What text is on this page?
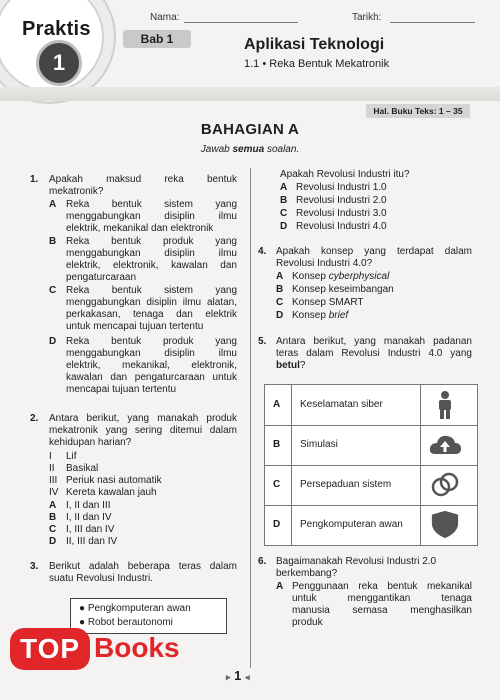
Praktis
1
Bab 1
Nama:	Tarikh:
Aplikasi Teknologi
1.1 • Reka Bentuk Mekatronik
Hal. Buku Teks: 1 – 35
BAHAGIAN A
Jawab semua soalan.
1. Apakah maksud reka bentuk
mekatronik?
A Reka bentuk sistem yang
menggabungkan disiplin ilmu
elektrik, mekanikal dan elektronik
B Reka bentuk produk yang
menggabungkan disiplin ilmu
elektrik, elektronik, kawalan dan
pengaturcaraan
C Reka bentuk sistem yang
menggabungkan disiplin ilmu alatan,
perkakasan, tenaga dan elektrik
untuk mencapai tujuan tertentu
D Reka bentuk produk yang
menggabungkan disiplin ilmu
elektrik, mekanikal, elektronik,
kawalan dan pengaturcaraan untuk
mencapai tujuan tertentu
2. Antara berikut, yang manakah produk
mekatronik yang sering ditemui dalam
kehidupan harian?
I Lif
II Basikal
III Periuk nasi automatik
IV Kereta kawalan jauh
A I, II dan III
B I, II dan IV
C I, III dan IV
D II, III dan IV
3. Berikut adalah beberapa teras dalam
suatu Revolusi Industri.
● Pengkomputeran awan
● Robot berautonomi
Apakah Revolusi Industri itu?
A Revolusi Industri 1.0
B Revolusi Industri 2.0
C Revolusi Industri 3.0
D Revolusi Industri 4.0
4. Apakah konsep yang terdapat dalam
Revolusi Industri 4.0?
A Konsep cyberphysical
B Konsep keseimbangan
C Konsep SMART
D Konsep brief
5. Antara berikut, yang manakah padanan
teras dalam Revolusi Industri 4.0 yang
betul?
A Keselamatan siber
B Simulasi
C Persepaduan sistem
D Pengkomputeran awan
6. Bagaimanakah Revolusi Industri 2.0
berkembang?
A Penggunaan reka bentuk mekanikal
untuk menggantikan tenaga
manusia semasa menghasilkan
produk
TOP Books
▸ 1 ◂
